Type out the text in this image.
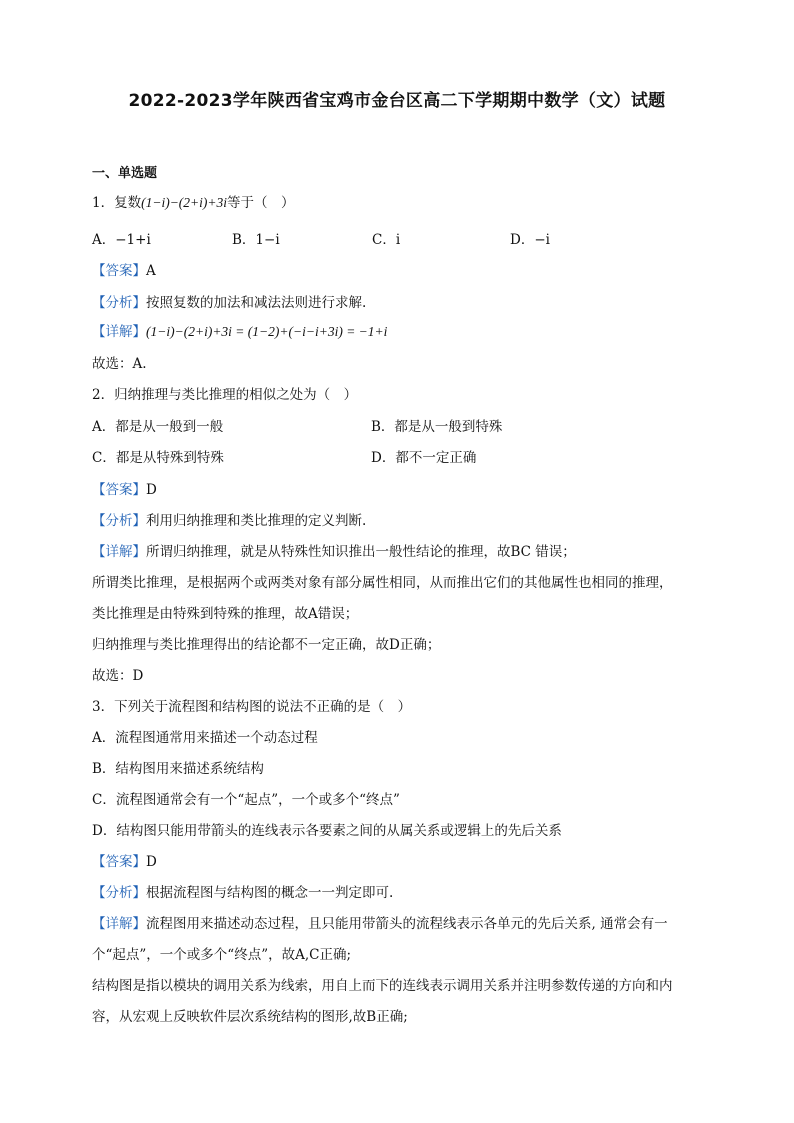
2022-2023学年陕西省宝鸡市金台区高二下学期期中数学（文）试题
一、单选题
1．复数(1−i)−(2+i)+3i等于（　）
A．−1+i	B．1−i	C．i	D．−i
【答案】A
【分析】按照复数的加法和减法法则进行求解.
【详解】(1−i)−(2+i)+3i = (1−2)+(−i−i+3i) = −1+i
故选：A.
2．归纳推理与类比推理的相似之处为（　）
A．都是从一般到一般	B．都是从一般到特殊
C．都是从特殊到特殊	D．都不一定正确
【答案】D
【分析】利用归纳推理和类比推理的定义判断.
【详解】所谓归纳推理，就是从特殊性知识推出一般性结论的推理，故BC 错误；
所谓类比推理，是根据两个或两类对象有部分属性相同，从而推出它们的其他属性也相同的推理，
类比推理是由特殊到特殊的推理，故A错误；
归纳推理与类比推理得出的结论都不一定正确，故D正确；
故选：D
3．下列关于流程图和结构图的说法不正确的是（　）
A．流程图通常用来描述一个动态过程
B．结构图用来描述系统结构
C．流程图通常会有一个“起点”，一个或多个“终点”
D．结构图只能用带箭头的连线表示各要素之间的从属关系或逻辑上的先后关系
【答案】D
【分析】根据流程图与结构图的概念一一判定即可.
【详解】流程图用来描述动态过程，且只能用带箭头的流程线表示各单元的先后关系, 通常会有一
个“起点”，一个或多个“终点”，故A,C正确;
结构图是指以模块的调用关系为线索，用自上而下的连线表示调用关系并注明参数传递的方向和内
容，从宏观上反映软件层次系统结构的图形,故B正确;
